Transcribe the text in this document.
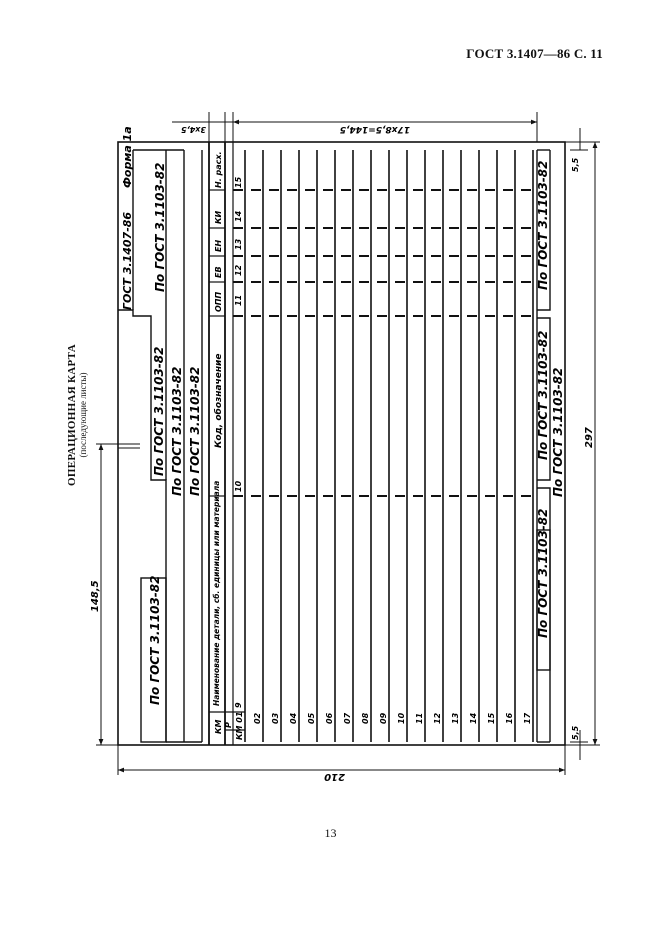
ГОСТ 3.1407—86 С. 11
ОПЕРАЦИОННАЯ КАРТА (последующие листы)
ГОСТ 3.1407-86
Форма 1а
По ГОСТ 3.1103-82
По ГОСТ 3.1103-82 По ГОСТ 3.1103-82 По ГОСТ 3.1103-82
По ГОСТ 3.1103-82
Н. расх.
КИ
ЕН
ЕВ
ОПП
Код, обозначение
Наименование детали, сб. единицы или материала
КМ Р
15
14
13
12
11
10
9
КМ 01 02 03 04 05 06 07 08 09 10 11 12 13 14 15 16 17
По ГОСТ 3.1103-82
По ГОСТ 3.1103-82 По ГОСТ 3.1103-82
По ГОСТ 3.1103-82
210
297
148,5
17х8,5=144,5
3х4,5
5,5
5,5
13
